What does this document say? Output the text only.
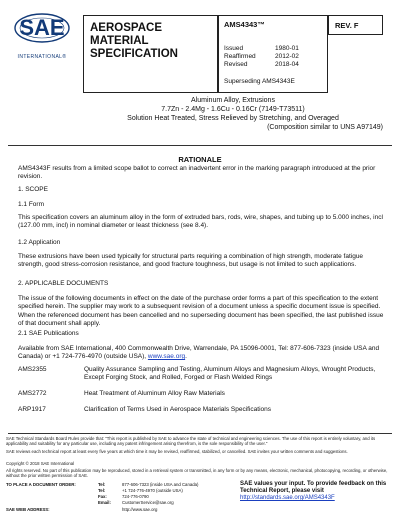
SAE
INTERNATIONAL®
AEROSPACE
MATERIAL SPECIFICATION
REV. F
AMS4343™
Issued	1980-01
Reaffirmed	2012-02
Revised	2018-04
Superseding AMS4343E
Aluminum Alloy, Extrusions
7.7Zn - 2.4Mg - 1.6Cu - 0.16Cr (7149-T73511)
Solution Heat Treated, Stress Relieved by Stretching, and Overaged
(Composition similar to UNS A97149)
RATIONALE
AMS4343F results from a limited scope ballot to correct an inadvertent error in the marking paragraph introduced at the prior revision.
1. SCOPE
1.1 Form
This specification covers an aluminum alloy in the form of extruded bars, rods, wire, shapes, and tubing up to 5.000 inches, incl (127.00 mm, incl) in nominal diameter or least thickness (see 8.4).
1.2 Application
These extrusions have been used typically for structural parts requiring a combination of high strength, moderate fatigue strength, good stress-corrosion resistance, and good fracture toughness, but usage is not limited to such applications.
2. APPLICABLE DOCUMENTS
The issue of the following documents in effect on the date of the purchase order forms a part of this specification to the extent specified herein. The supplier may work to a subsequent revision of a document unless a specific document issue is specified. When the referenced document has been cancelled and no superseding document has been specified, the last published issue of that document shall apply.
2.1 SAE Publications
Available from SAE International, 400 Commonwealth Drive, Warrendale, PA 15096-0001, Tel: 877-606-7323 (inside USA and Canada) or +1 724-776-4970 (outside USA), www.sae.org.
AMS2355	Quality Assurance Sampling and Testing, Aluminum Alloys and Magnesium Alloys, Wrought Products, Except Forging Stock, and Rolled, Forged or Flash Welded Rings
AMS2772	Heat Treatment of Aluminum Alloy Raw Materials
ARP1917	Clarification of Terms Used in Aerospace Materials Specifications
SAE Technical Standards Board Rules provide that: "This report is published by SAE to advance the state of technical and engineering sciences. The use of this report is entirely voluntary, and its applicability and suitability for any particular use, including any patent infringement arising therefrom, is the sole responsibility of the user."
SAE reviews each technical report at least every five years at which time it may be revised, reaffirmed, stabilized, or cancelled. SAE invites your written comments and suggestions.
Copyright © 2018 SAE International
All rights reserved. No part of this publication may be reproduced, stored in a retrieval system or transmitted, in any form or by any means, electronic, mechanical, photocopying, recording, or otherwise, without the prior written permission of SAE.
TO PLACE A DOCUMENT ORDER:	Tel:	877-606-7323 (inside USA and Canada)
Tel:	+1 724-776-4970 (outside USA)
Fax:	724-776-0790
Email:	CustomerService@sae.org
SAE WEB ADDRESS:	http://www.sae.org
SAE values your input. To provide feedback on this
Technical Report, please visit
http://standards.sae.org/AMS4343F
